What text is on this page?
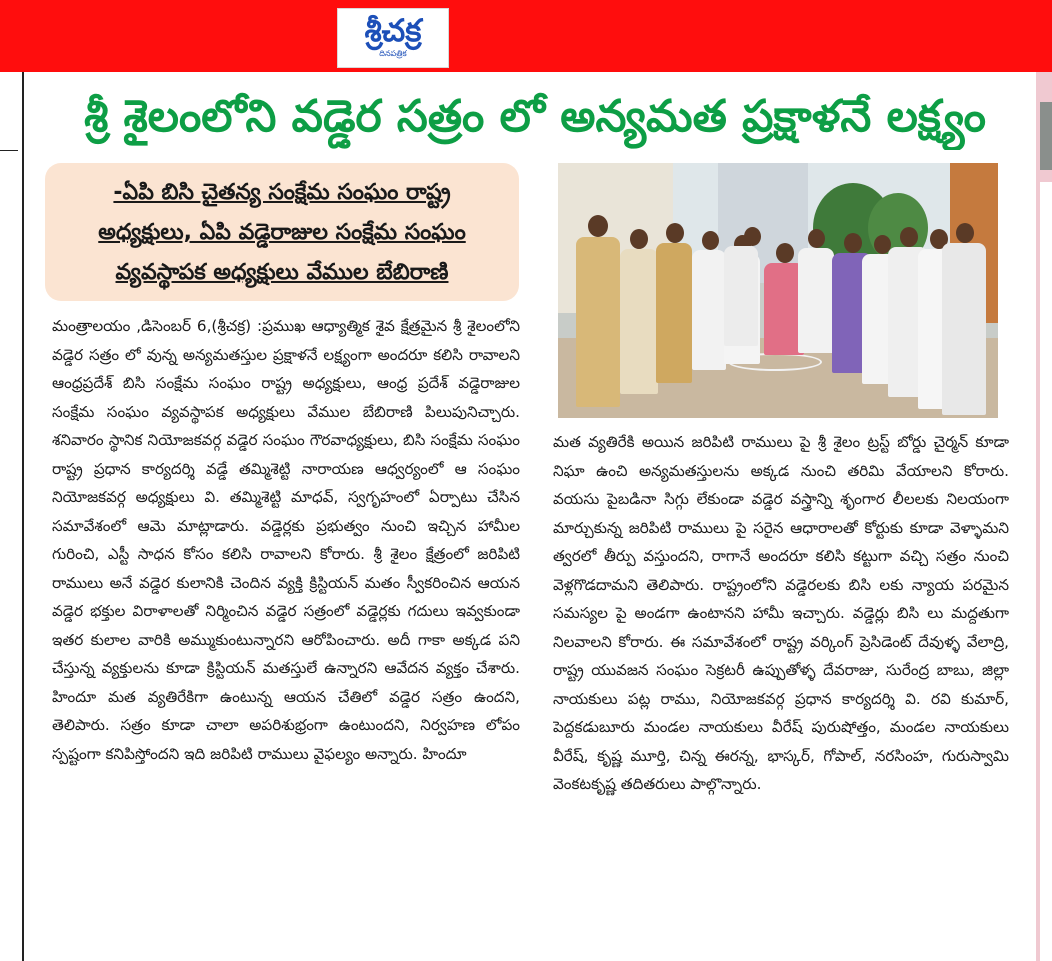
శ్రీచక్ర
దినపత్రిక
శ్రీ శైలంలోని వడ్డెర సత్రం లో అన్యమత ప్రక్షాళనే లక్ష్యం
-ఏపి బిసి చైతన్య సంక్షేమ సంఘం రాష్ట్ర
అధ్యక్షులు, ఏపి వడ్డెరాజుల సంక్షేమ సంఘం
వ్యవస్థాపక అధ్యక్షులు వేముల బేబిరాణి

మంత్రాలయం ,డిసెంబర్ 6,(శ్రీచక్ర) :ప్రముఖ ఆధ్యాత్మిక శైవ క్షేత్రమైన శ్రీ శైలంలోని వడ్డెర సత్రం లో వున్న అన్యమతస్తుల ప్రక్షాళనే లక్ష్యంగా అందరూ కలిసి రావాలని ఆంధ్రప్రదేశ్ బిసి సంక్షేమ సంఘం రాష్ట్ర అధ్యక్షులు, ఆంధ్ర ప్రదేశ్ వడ్డెరాజుల సంక్షేమ సంఘం వ్యవస్థాపక అధ్యక్షులు వేముల బేబిరాణి పిలుపునిచ్చారు. శనివారం స్థానిక నియోజకవర్గ వడ్డెర సంఘం గౌరవాధ్యక్షులు, బిసి సంక్షేమ సంఘం రాష్ట్ర ప్రధాన కార్యదర్శి వడ్డే తమ్మిశెట్టి నారాయణ ఆధ్వర్యంలో ఆ సంఘం నియోజకవర్గ అధ్యక్షులు వి. తమ్మిశెట్టి మాధవ్, స్వగృహంలో ఏర్పాటు చేసిన సమావేశంలో ఆమె మాట్లాడారు. వడ్డెర్లకు ప్రభుత్వం నుంచి ఇచ్చిన హామీల గురించి, ఎస్టీ సాధన కోసం కలిసి రావాలని కోరారు. శ్రీ శైలం క్షేత్రంలో జరిపిటి రాములు అనే వడ్డెర కులానికి చెందిన వ్యక్తి క్రిస్టియన్ మతం స్వీకరించిన ఆయన వడ్డెర భక్తుల విరాళాలతో నిర్మించిన వడ్డెర సత్రంలో వడ్డెర్లకు గదులు ఇవ్వకుండా ఇతర కులాల వారికి అమ్ముకుంటున్నారని ఆరోపించారు. అదీ గాకా అక్కడ పని చేస్తున్న వ్యక్తులను కూడా క్రిస్టియన్ మతస్తులే ఉన్నారని ఆవేదన వ్యక్తం చేశారు. హిందూ మత వ్యతిరేకిగా ఉంటున్న ఆయన చేతిలో వడ్డెర సత్రం ఉందని, తెలిపారు. సత్రం కూడా చాలా అపరిశుభ్రంగా ఉంటుందని, నిర్వహణ లోపం స్పష్టంగా కనిపిస్తోందని ఇది జరిపిటి రాములు వైఫల్యం అన్నారు. హిందూ

మత వ్యతిరేకి అయిన జరిపిటి రాములు పై శ్రీ శైలం ట్రస్ట్ బోర్డు చైర్మన్ కూడా నిఘా ఉంచి అన్యమతస్తులను అక్కడ నుంచి తరిమి వేయాలని కోరారు. వయసు పైబడినా సిగ్గు లేకుండా వడ్డెర వస్త్రాన్ని శృంగార లీలలకు నిలయంగా మార్చుకున్న జరిపిటి రాములు పై సరైన ఆధారాలతో కోర్టుకు కూడా వెళ్ళామని త్వరలో తీర్పు వస్తుందని, రాగానే అందరూ కలిసి కట్టుగా వచ్చి సత్రం నుంచి వెళ్లగొడదామని తెలిపారు. రాష్ట్రంలోని వడ్డెరలకు బిసి లకు న్యాయ పరమైన సమస్యల పై అండగా ఉంటానని హామీ ఇచ్చారు. వడ్డెర్లు బిసి లు మద్దతుగా నిలవాలని కోరారు. ఈ సమావేశంలో రాష్ట్ర వర్కింగ్ ప్రెసిడెంట్ దేవుళ్ళ వేలాద్రి, రాష్ట్ర యువజన సంఘం సెక్రటరీ ఉప్పుతోళ్ళ దేవరాజు, సురేంద్ర బాబు, జిల్లా నాయకులు పట్ల రాము, నియోజకవర్గ ప్రధాన కార్యదర్శి వి. రవి కుమార్, పెద్దకడుబూరు మండల నాయకులు వీరేష్ పురుషోత్తం, మండల నాయకులు వీరేష్, కృష్ణ మూర్తి, చిన్న ఈరన్న, భాస్కర్, గోపాల్, నరసింహ, గురుస్వామి వెంకటకృష్ణ తదితరులు పాల్గొన్నారు.
